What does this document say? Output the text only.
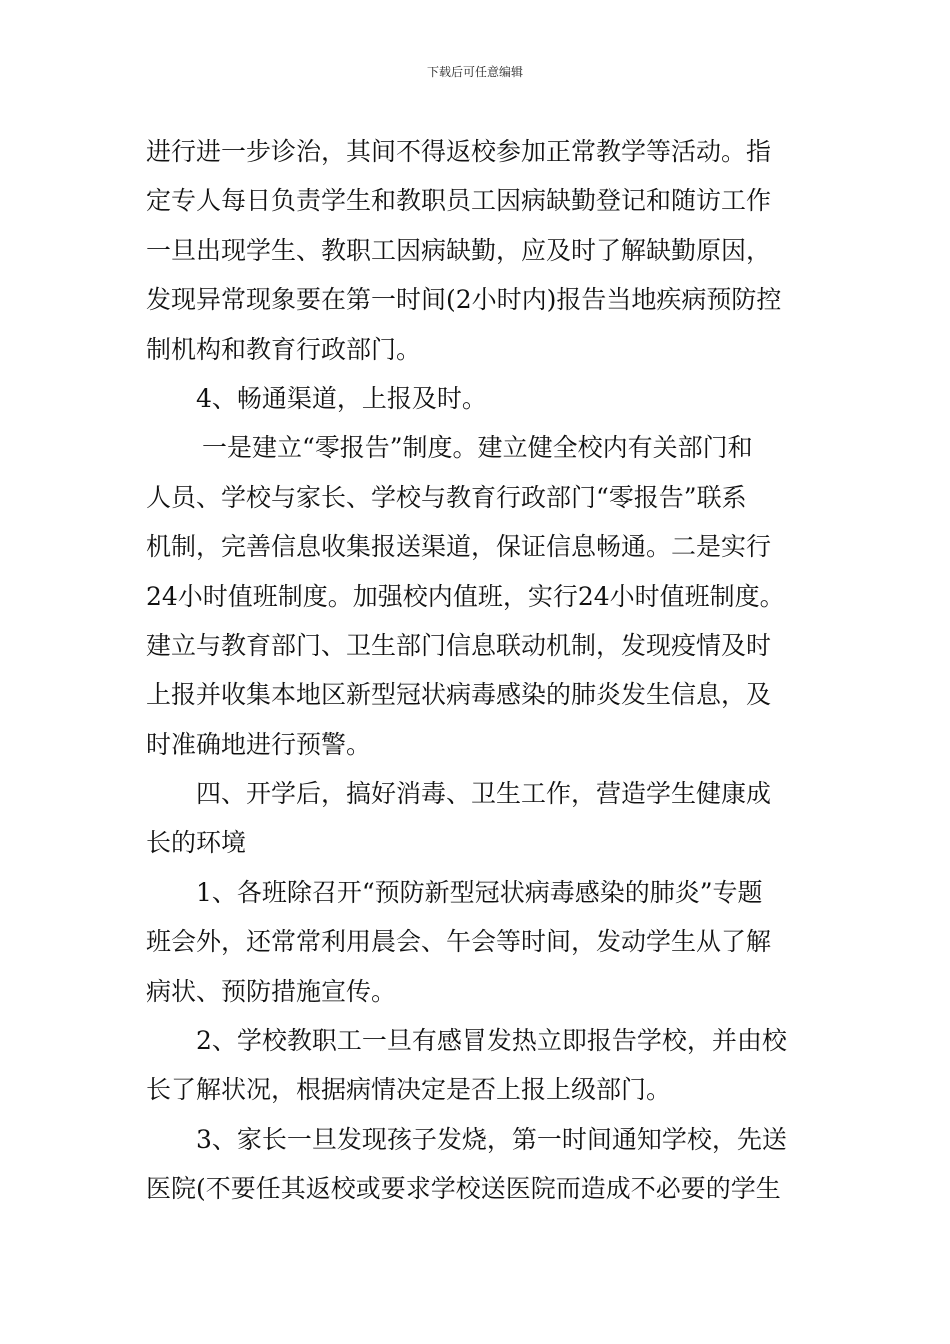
下载后可任意编辑
进行进一步诊治，其间不得返校参加正常教学等活动。指
定专人每日负责学生和教职员工因病缺勤登记和随访工作
一旦出现学生、教职工因病缺勤，应及时了解缺勤原因，
发现异常现象要在第一时间(2小时内)报告当地疾病预防控
制机构和教育行政部门。
4、畅通渠道，上报及时。
一是建立“零报告”制度。建立健全校内有关部门和
人员、学校与家长、学校与教育行政部门“零报告”联系
机制，完善信息收集报送渠道，保证信息畅通。二是实行
24小时值班制度。加强校内值班，实行24小时值班制度。
建立与教育部门、卫生部门信息联动机制，发现疫情及时
上报并收集本地区新型冠状病毒感染的肺炎发生信息，及
时准确地进行预警。
四、开学后，搞好消毒、卫生工作，营造学生健康成
长的环境
1、各班除召开“预防新型冠状病毒感染的肺炎”专题
班会外，还常常利用晨会、午会等时间，发动学生从了解
病状、预防措施宣传。
2、学校教职工一旦有感冒发热立即报告学校，并由校
长了解状况，根据病情决定是否上报上级部门。
3、家长一旦发现孩子发烧，第一时间通知学校，先送
医院(不要任其返校或要求学校送医院而造成不必要的学生
